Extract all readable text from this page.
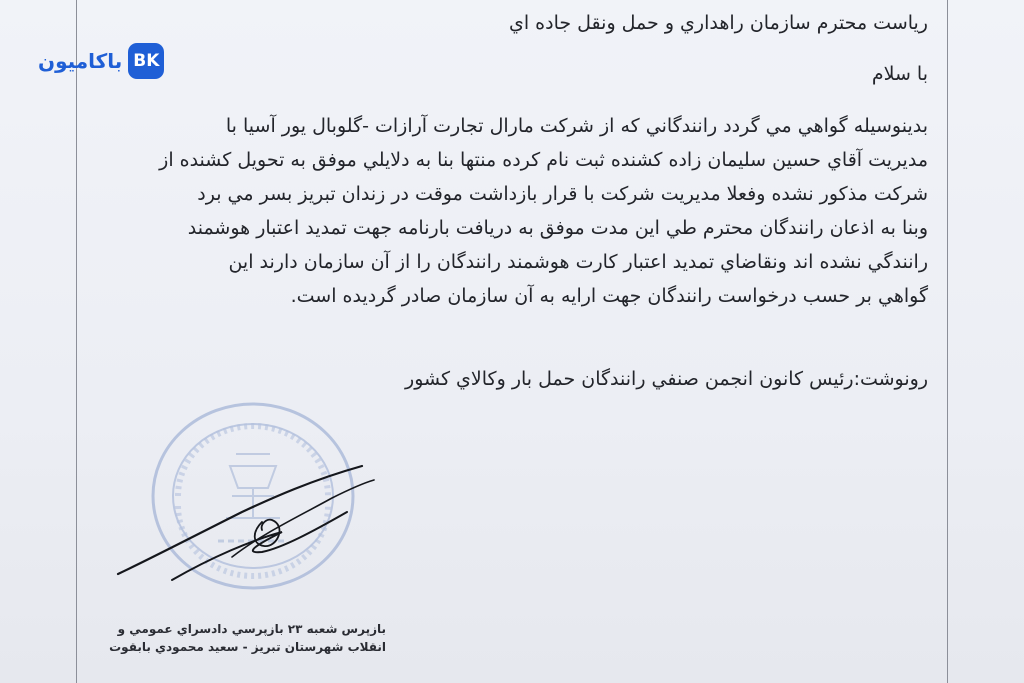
باکامیون BK
رياست محترم سازمان راهداري و حمل ونقل جاده اي
با سلام
بدينوسيله گواهي مي گردد رانندگاني كه از شركت مارال تجارت آرازات -گلوبال يور آسيا با
مديريت آقاي حسين سليمان زاده كشنده ثبت نام كرده منتها بنا به دلايلي موفق به تحويل كشنده از
شركت مذكور نشده وفعلا مديريت شركت با قرار بازداشت موقت در زندان تبريز بسر مي برد
وبنا به اذعان رانندگان محترم طي اين مدت موفق به دريافت بارنامه جهت تمديد اعتبار هوشمند
رانندگي نشده اند ونقاضاي تمديد اعتبار كارت هوشمند رانندگان را از آن سازمان دارند اين
گواهي بر حسب درخواست رانندگان جهت ارايه به آن سازمان صادر گرديده است.
رونوشت:رئيس كانون انجمن صنفي رانندگان حمل بار وكالاي كشور
بازپرس شعبه ۲۳ بازپرسي دادسراي عمومي و
انقلاب شهرستان تبريز - سعيد محمودي بابقوت
